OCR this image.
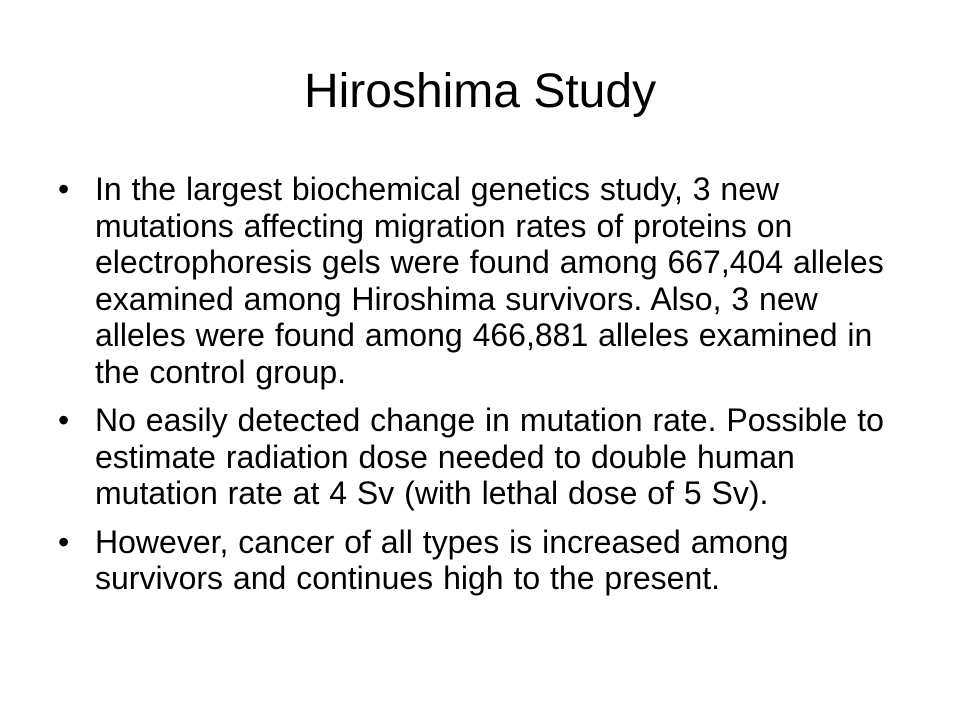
Hiroshima Study
• In the largest biochemical genetics study, 3 new mutations affecting migration rates of proteins on electrophoresis gels were found among 667,404 alleles examined among Hiroshima survivors. Also, 3 new alleles were found among 466,881 alleles examined in the control group.
• No easily detected change in mutation rate. Possible to estimate radiation dose needed to double human mutation rate at 4 Sv (with lethal dose of 5 Sv).
• However, cancer of all types is increased among survivors and continues high to the present.
